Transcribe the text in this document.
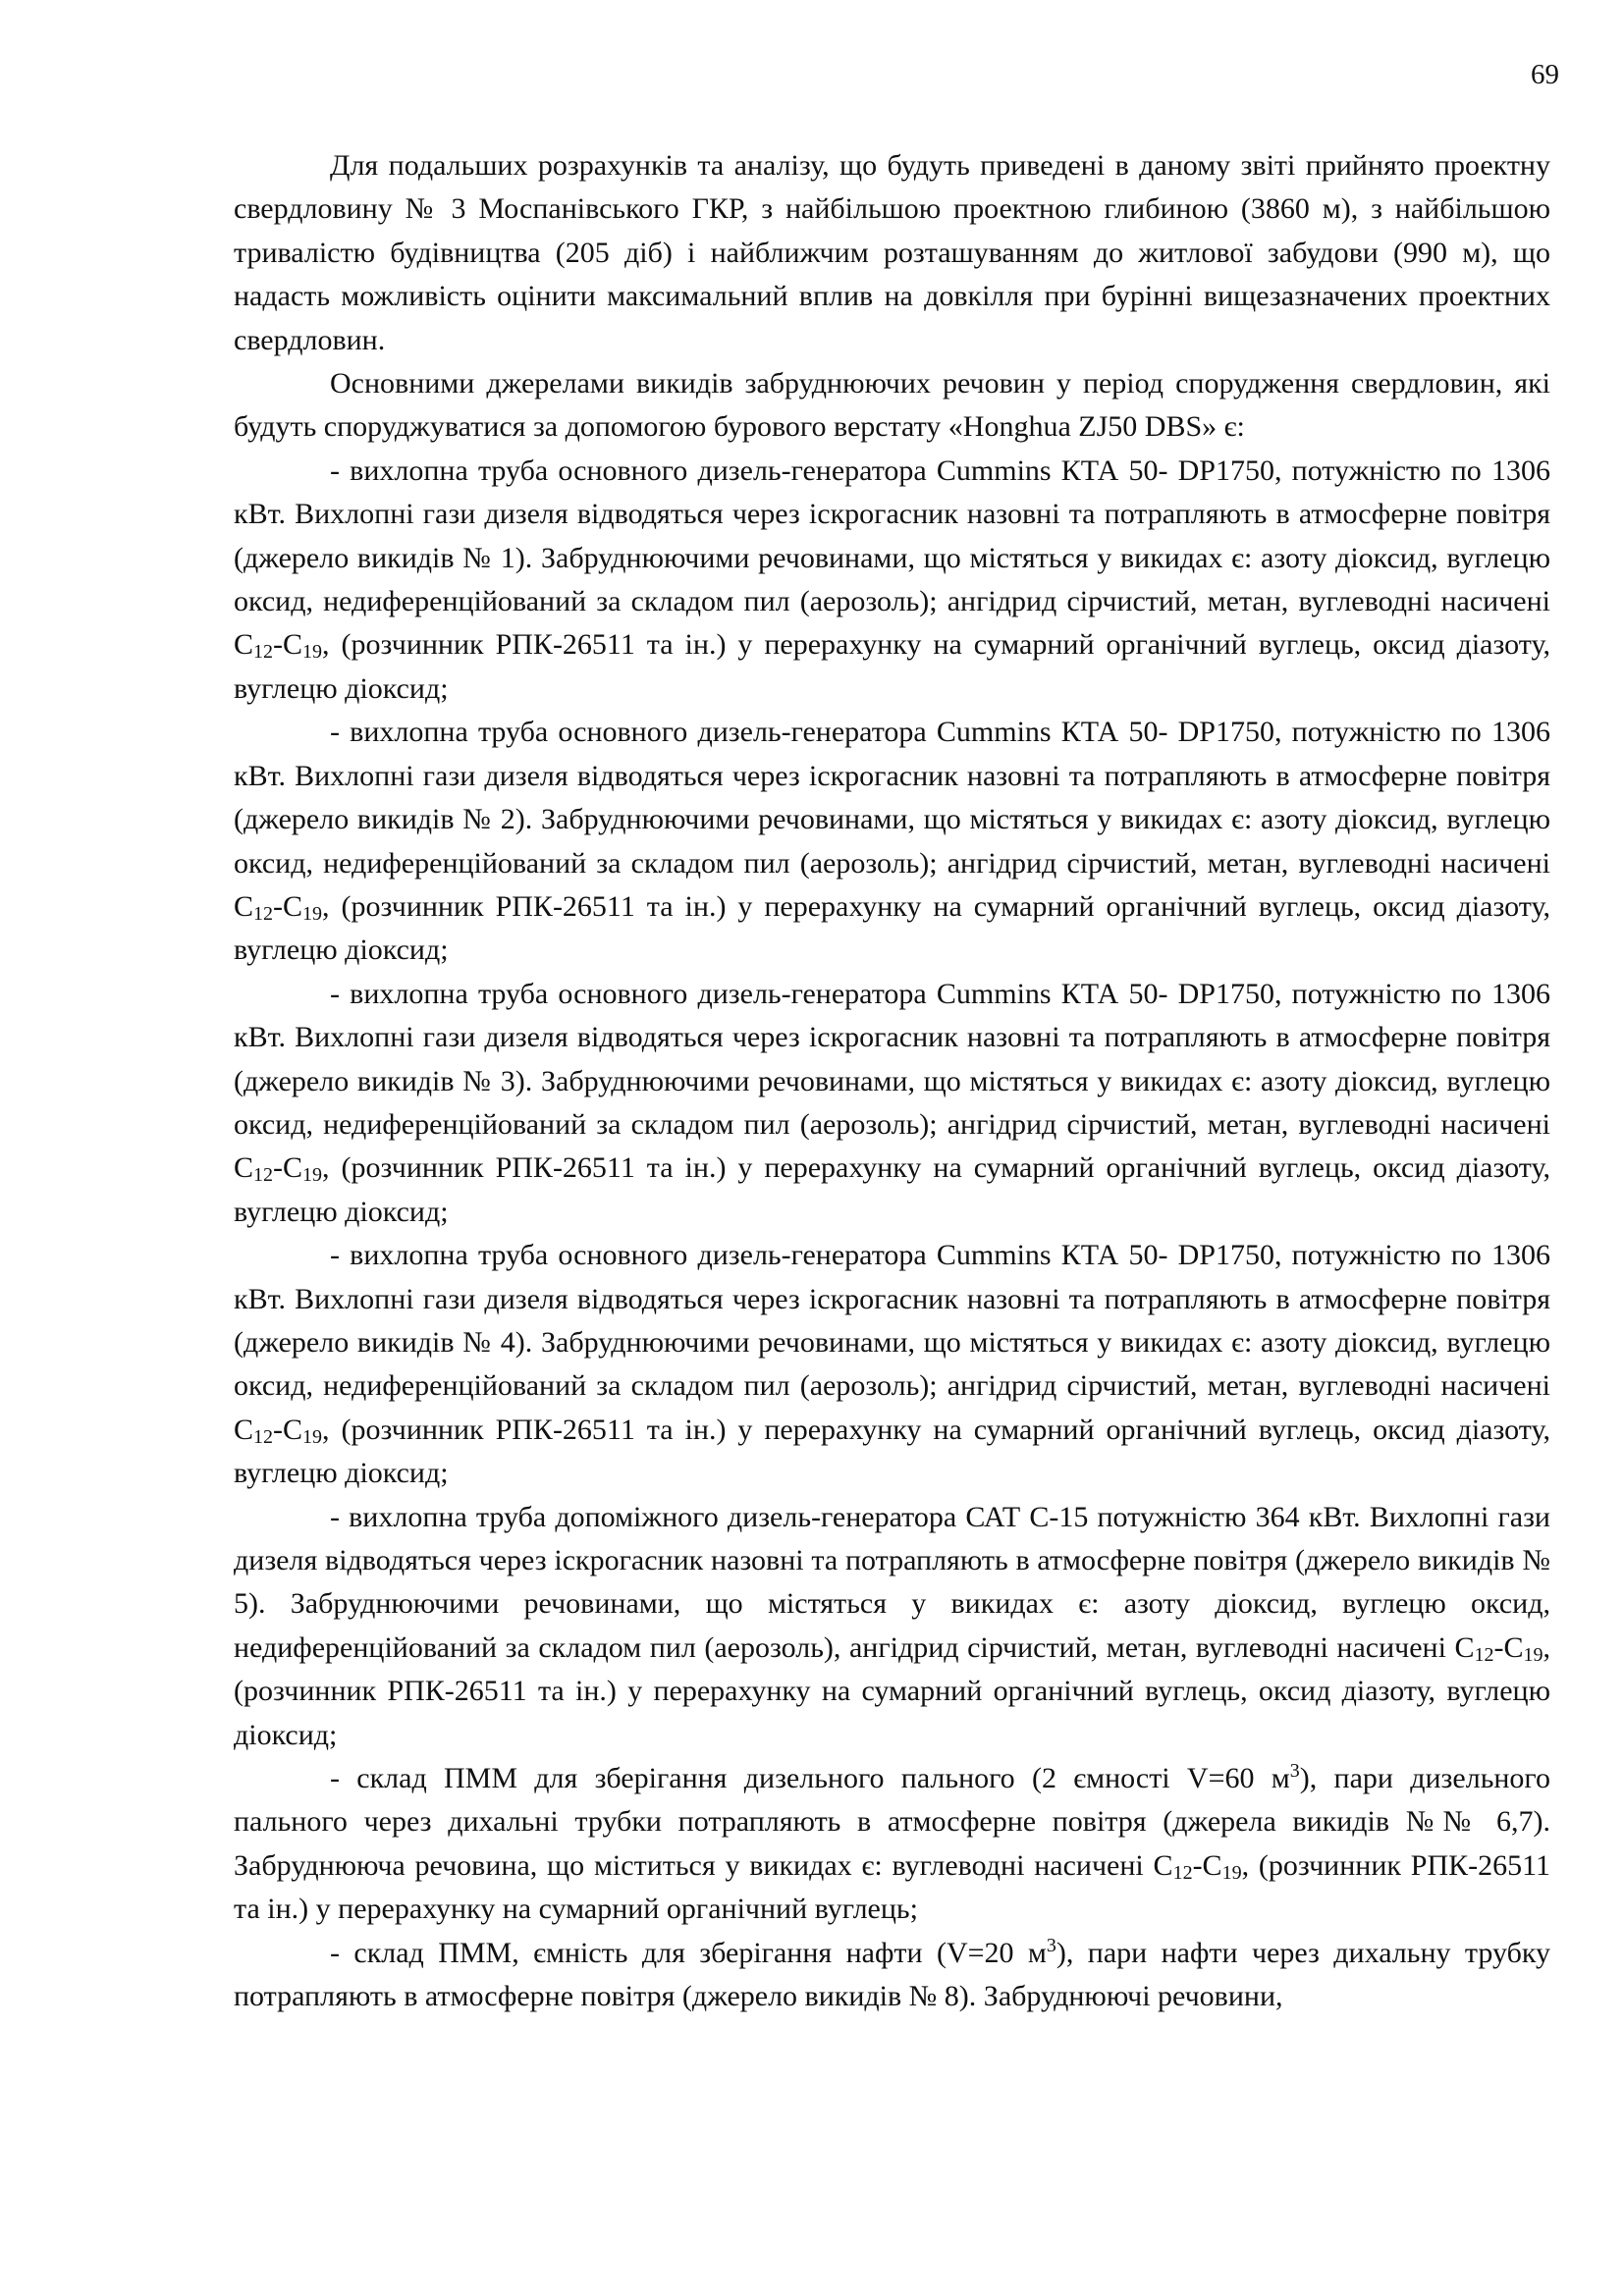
69

Для подальших розрахунків та аналізу, що будуть приведені в даному звіті прийнято проектну свердловину № 3 Моспанівського ГКР, з найбільшою проектною глибиною (3860 м), з найбільшою тривалістю будівництва (205 діб) і найближчим розташуванням до житлової забудови (990 м), що надасть можливість оцінити максимальний вплив на довкілля при бурінні вищезазначених проектних свердловин.

Основними джерелами викидів забруднюючих речовин у період спорудження свердловин, які будуть споруджуватися за допомогою бурового верстату «Honghua ZJ50 DBS» є:

- вихлопна труба основного дизель-генератора Cummins КТА 50- DP1750, потужністю по 1306 кВт. Вихлопні гази дизеля відводяться через іскрогасник назовні та потрапляють в атмосферне повітря (джерело викидів № 1). Забруднюючими речовинами, що містяться у викидах є: азоту діоксид, вуглецю оксид, недиференційований за складом пил (аерозоль); ангідрид сірчистий, метан, вуглеводні насичені $С_{12}-С_{19}$, (розчинник РПК-26511 та ін.) у перерахунку на сумарний органічний вуглець, оксид діазоту, вуглецю діоксид;

- вихлопна труба основного дизель-генератора Cummins КТА 50- DP1750, потужністю по 1306 кВт. Вихлопні гази дизеля відводяться через іскрогасник назовні та потрапляють в атмосферне повітря (джерело викидів № 2). Забруднюючими речовинами, що містяться у викидах є: азоту діоксид, вуглецю оксид, недиференційований за складом пил (аерозоль); ангідрид сірчистий, метан, вуглеводні насичені $С_{12}-С_{19}$, (розчинник РПК-26511 та ін.) у перерахунку на сумарний органічний вуглець, оксид діазоту, вуглецю діоксид;

- вихлопна труба основного дизель-генератора Cummins КТА 50- DP1750, потужністю по 1306 кВт. Вихлопні гази дизеля відводяться через іскрогасник назовні та потрапляють в атмосферне повітря (джерело викидів № 3). Забруднюючими речовинами, що містяться у викидах є: азоту діоксид, вуглецю оксид, недиференційований за складом пил (аерозоль); ангідрид сірчистий, метан, вуглеводні насичені $С_{12}-С_{19}$, (розчинник РПК-26511 та ін.) у перерахунку на сумарний органічний вуглець, оксид діазоту, вуглецю діоксид;

- вихлопна труба основного дизель-генератора Cummins КТА 50- DP1750, потужністю по 1306 кВт. Вихлопні гази дизеля відводяться через іскрогасник назовні та потрапляють в атмосферне повітря (джерело викидів № 4). Забруднюючими речовинами, що містяться у викидах є: азоту діоксид, вуглецю оксид, недиференційований за складом пил (аерозоль); ангідрид сірчистий, метан, вуглеводні насичені $С_{12}-С_{19}$, (розчинник РПК-26511 та ін.) у перерахунку на сумарний органічний вуглець, оксид діазоту, вуглецю діоксид;

- вихлопна труба допоміжного дизель-генератора САТ С-15 потужністю 364 кВт. Вихлопні гази дизеля відводяться через іскрогасник назовні та потрапляють в атмосферне повітря (джерело викидів № 5). Забруднюючими речовинами, що містяться у викидах є: азоту діоксид, вуглецю оксид, недиференційований за складом пил (аерозоль), ангідрид сірчистий, метан, вуглеводні насичені $С_{12}-С_{19}$, (розчинник РПК-26511 та ін.) у перерахунку на сумарний органічний вуглець, оксид діазоту, вуглецю діоксид;

- склад ПММ для зберігання дизельного пального (2 ємності V=60 $м^3$), пари дизельного пального через дихальні трубки потрапляють в атмосферне повітря (джерела викидів №№ 6,7). Забруднююча речовина, що міститься у викидах є: вуглеводні насичені $С_{12}-С_{19}$, (розчинник РПК-26511 та ін.) у перерахунку на сумарний органічний вуглець;

- склад ПММ, ємність для зберігання нафти (V=20 $м^3$), пари нафти через дихальну трубку потрапляють в атмосферне повітря (джерело викидів № 8). Забруднюючі речовини,
